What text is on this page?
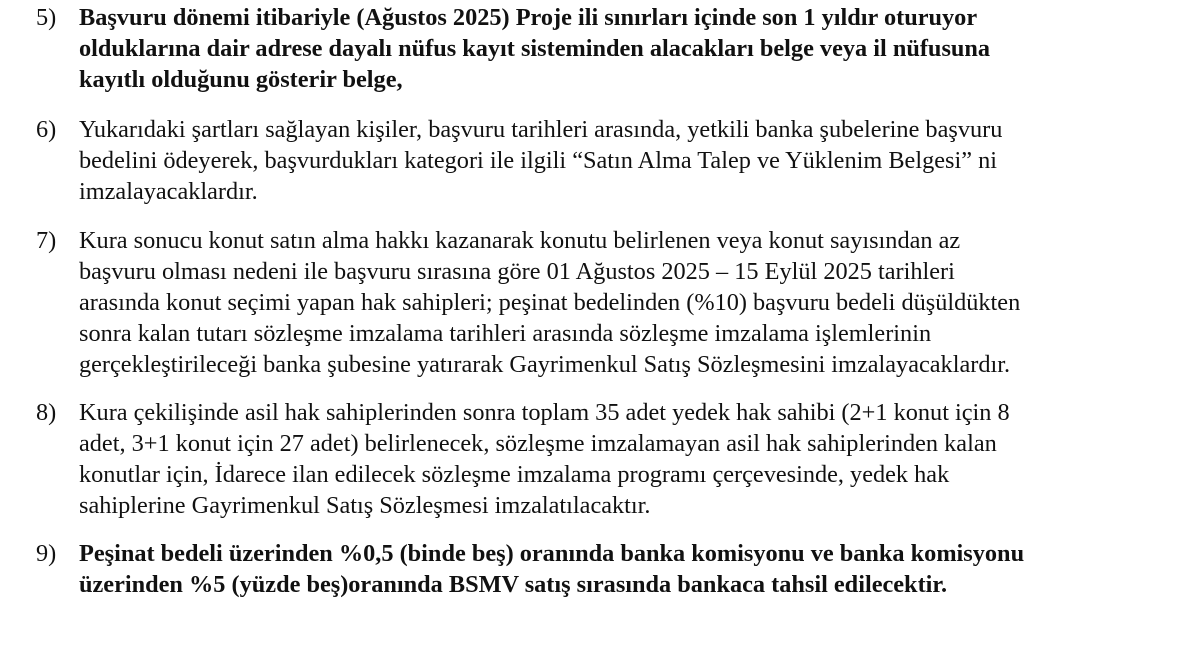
5) Başvuru dönemi itibariyle (Ağustos 2025) Proje ili sınırları içinde son 1 yıldır oturuyor
olduklarına dair adrese dayalı nüfus kayıt sisteminden alacakları belge veya il nüfusuna
kayıtlı olduğunu gösterir belge,
6) Yukarıdaki şartları sağlayan kişiler, başvuru tarihleri arasında, yetkili banka şubelerine başvuru
bedelini ödeyerek, başvurdukları kategori ile ilgili “Satın Alma Talep ve Yüklenim Belgesi” ni
imzalayacaklardır.
7) Kura sonucu konut satın alma hakkı kazanarak konutu belirlenen veya konut sayısından az
başvuru olması nedeni ile başvuru sırasına göre 01 Ağustos 2025 – 15 Eylül 2025 tarihleri
arasında konut seçimi yapan hak sahipleri; peşinat bedelinden (%10) başvuru bedeli düşüldükten
sonra kalan tutarı sözleşme imzalama tarihleri arasında sözleşme imzalama işlemlerinin
gerçekleştirileceği banka şubesine yatırarak Gayrimenkul Satış Sözleşmesini imzalayacaklardır.
8) Kura çekilişinde asil hak sahiplerinden sonra toplam 35 adet yedek hak sahibi (2+1 konut için 8
adet, 3+1 konut için 27 adet) belirlenecek, sözleşme imzalamayan asil hak sahiplerinden kalan
konutlar için, İdarece ilan edilecek sözleşme imzalama programı çerçevesinde, yedek hak
sahiplerine Gayrimenkul Satış Sözleşmesi imzalatılacaktır.
9) Peşinat bedeli üzerinden %0,5 (binde beş) oranında banka komisyonu ve banka komisyonu
üzerinden %5 (yüzde beş)oranında BSMV satış sırasında bankaca tahsil edilecektir.
